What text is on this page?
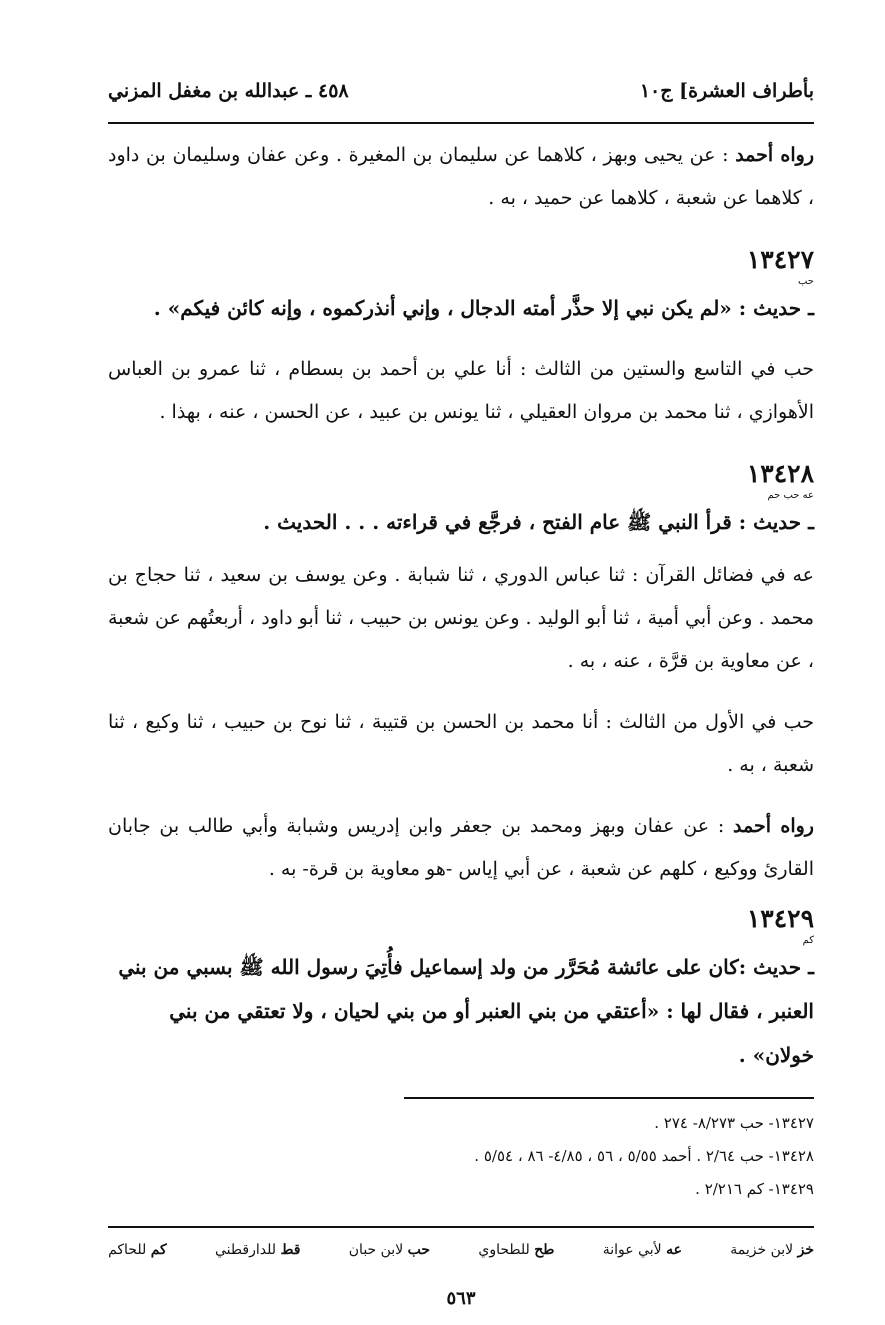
بأطراف العشرة] ج١٠
٤٥٨ ـ عبدالله بن مغفل المزني
رواه أحمد : عن يحيى وبهز ، كلاهما عن سليمان بن المغيرة . وعن عفان وسليمان بن داود ، كلاهما عن شعبة ، كلاهما عن حميد ، به .
١٣٤٢٧
حب
ـ حديث : «لم يكن نبي إلا حذَّر أمته الدجال ، وإني أنذركموه ، وإنه كائن فيكم» .
حب في التاسع والستين من الثالث : أنا علي بن أحمد بن بسطام ، ثنا عمرو بن العباس الأهوازي ، ثنا محمد بن مروان العقيلي ، ثنا يونس بن عبيد ، عن الحسن ، عنه ، بهذا .
١٣٤٢٨
عه حب حم
ـ حديث : قرأ النبي ﷺ عام الفتح ، فرجَّع في قراءته . . . الحديث .
عه في فضائل القرآن : ثنا عباس الدوري ، ثنا شبابة . وعن يوسف بن سعيد ، ثنا حجاج بن محمد . وعن أبي أمية ، ثنا أبو الوليد . وعن يونس بن حبيب ، ثنا أبو داود ، أربعتُهم عن شعبة ، عن معاوية بن قرَّة ، عنه ، به .
حب في الأول من الثالث : أنا محمد بن الحسن بن قتيبة ، ثنا نوح بن حبيب ، ثنا وكيع ، ثنا شعبة ، به .
رواه أحمد : عن عفان وبهز ومحمد بن جعفر وابن إدريس وشبابة وأبي طالب بن جابان القارئ ووكيع ، كلهم عن شعبة ، عن أبي إياس -هو معاوية بن قرة- به .
١٣٤٢٩
كم
ـ حديث :كان على عائشة مُحَرَّر من ولد إسماعيل فأُتِيَ رسول الله ﷺ بسبي من بني العنبر ، فقال لها : «أعتقي من بني العنبر أو من بني لحيان ، ولا تعتقي من بني خولان» .
١٣٤٢٧- حب ٨/٢٧٣- ٢٧٤ .
١٣٤٢٨- حب ٢/٦٤ . أحمد ٥/٥٥ ، ٥٦ ، ٤/٨٥- ٨٦ ، ٥/٥٤ .
١٣٤٢٩- كم ٢/٢١٦ .
خز لابن خزيمة
عه لأبي عوانة
طح للطحاوي
حب لابن حبان
قط للدارقطني
كم للحاكم
٥٦٣
